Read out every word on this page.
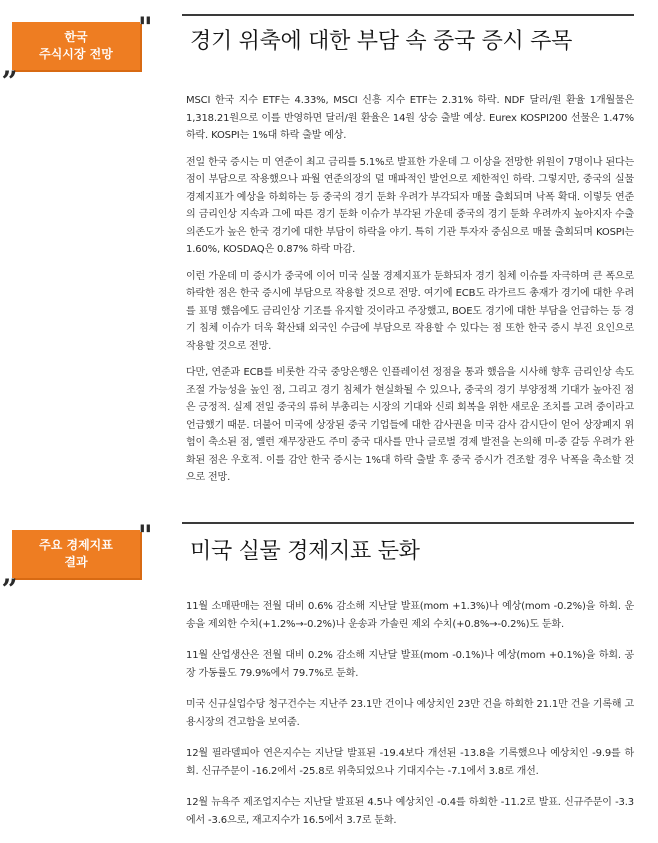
한국
주식시장 전망
„
" 경기 위축에 대한 부담 속 중국 증시 주목

MSCI 한국 지수 ETF는 4.33%, MSCI 신흥 지수 ETF는 2.31% 하락. NDF 달러/원 환율 1개월물은 1,318.21원으로 이를 반영하면 달러/원 환율은 14원 상승 출발 예상. Eurex KOSPI200 선물은 1.47% 하락. KOSPI는 1%대 하락 출발 예상.

전일 한국 증시는 미 연준이 최고 금리를 5.1%로 발표한 가운데 그 이상을 전망한 위원이 7명이나 된다는 점이 부담으로 작용했으나 파월 연준의장의 덜 매파적인 발언으로 제한적인 하락. 그렇지만, 중국의 실물 경제지표가 예상을 하회하는 등 중국의 경기 둔화 우려가 부각되자 매물 출회되며 낙폭 확대. 이렇듯 연준의 금리인상 지속과 그에 따른 경기 둔화 이슈가 부각된 가운데 중국의 경기 둔화 우려까지 높아지자 수출 의존도가 높은 한국 경기에 대한 부담이 하락을 야기. 특히 기관 투자자 중심으로 매물 출회되며 KOSPI는 1.60%, KOSDAQ은 0.87% 하락 마감.

이런 가운데 미 증시가 중국에 이어 미국 실물 경제지표가 둔화되자 경기 침체 이슈를 자극하며 큰 폭으로 하락한 점은 한국 증시에 부담으로 작용할 것으로 전망. 여기에 ECB도 라가르드 총재가 경기에 대한 우려를 표명 했음에도 금리인상 기조를 유지할 것이라고 주장했고, BOE도 경기에 대한 부담을 언급하는 등 경기 침체 이슈가 더욱 확산돼 외국인 수급에 부담으로 작용할 수 있다는 점 또한 한국 증시 부진 요인으로 작용할 것으로 전망.

다만, 연준과 ECB를 비롯한 각국 중앙은행은 인플레이션 정점을 통과 했음을 시사해 향후 금리인상 속도 조절 가능성을 높인 점, 그리고 경기 침체가 현실화될 수 있으나, 중국의 경기 부양정책 기대가 높아진 점은 긍정적. 실제 전일 중국의 류허 부총리는 시장의 기대와 신뢰 회복을 위한 새로운 조치를 고려 중이라고 언급했기 때문. 더불어 미국에 상장된 중국 기업들에 대한 감사권을 미국 감사 감시단이 얻어 상장폐지 위험이 축소된 점, 옐런 재무장관도 주미 중국 대사를 만나 글로벌 경제 발전을 논의해 미-중 갈등 우려가 완화된 점은 우호적. 이를 감안 한국 증시는 1%대 하락 출발 후 중국 증시가 견조할 경우 낙폭을 축소할 것으로 전망.

주요 경제지표
결과
„
" 미국 실물 경제지표 둔화

11월 소매판매는 전월 대비 0.6% 감소해 지난달 발표(mom +1.3%)나 예상(mom -0.2%)을 하회. 운송을 제외한 수치(+1.2%→-0.2%)나 운송과 가솔린 제외 수치(+0.8%→-0.2%)도 둔화.

11월 산업생산은 전월 대비 0.2% 감소해 지난달 발표(mom -0.1%)나 예상(mom +0.1%)을 하회. 공장 가동률도 79.9%에서 79.7%로 둔화.

미국 신규실업수당 청구건수는 지난주 23.1만 건이나 예상치인 23만 건을 하회한 21.1만 건을 기록해 고용시장의 견고함을 보여줌.

12월 필라델피아 연은지수는 지난달 발표된 -19.4보다 개선된 -13.8을 기록했으나 예상치인 -9.9를 하회. 신규주문이 -16.2에서 -25.8로 위축되었으나 기대지수는 -7.1에서 3.8로 개선.

12월 뉴욕주 제조업지수는 지난달 발표된 4.5나 예상치인 -0.4를 하회한 -11.2로 발표. 신규주문이 -3.3에서 -3.6으로, 재고지수가 16.5에서 3.7로 둔화.
